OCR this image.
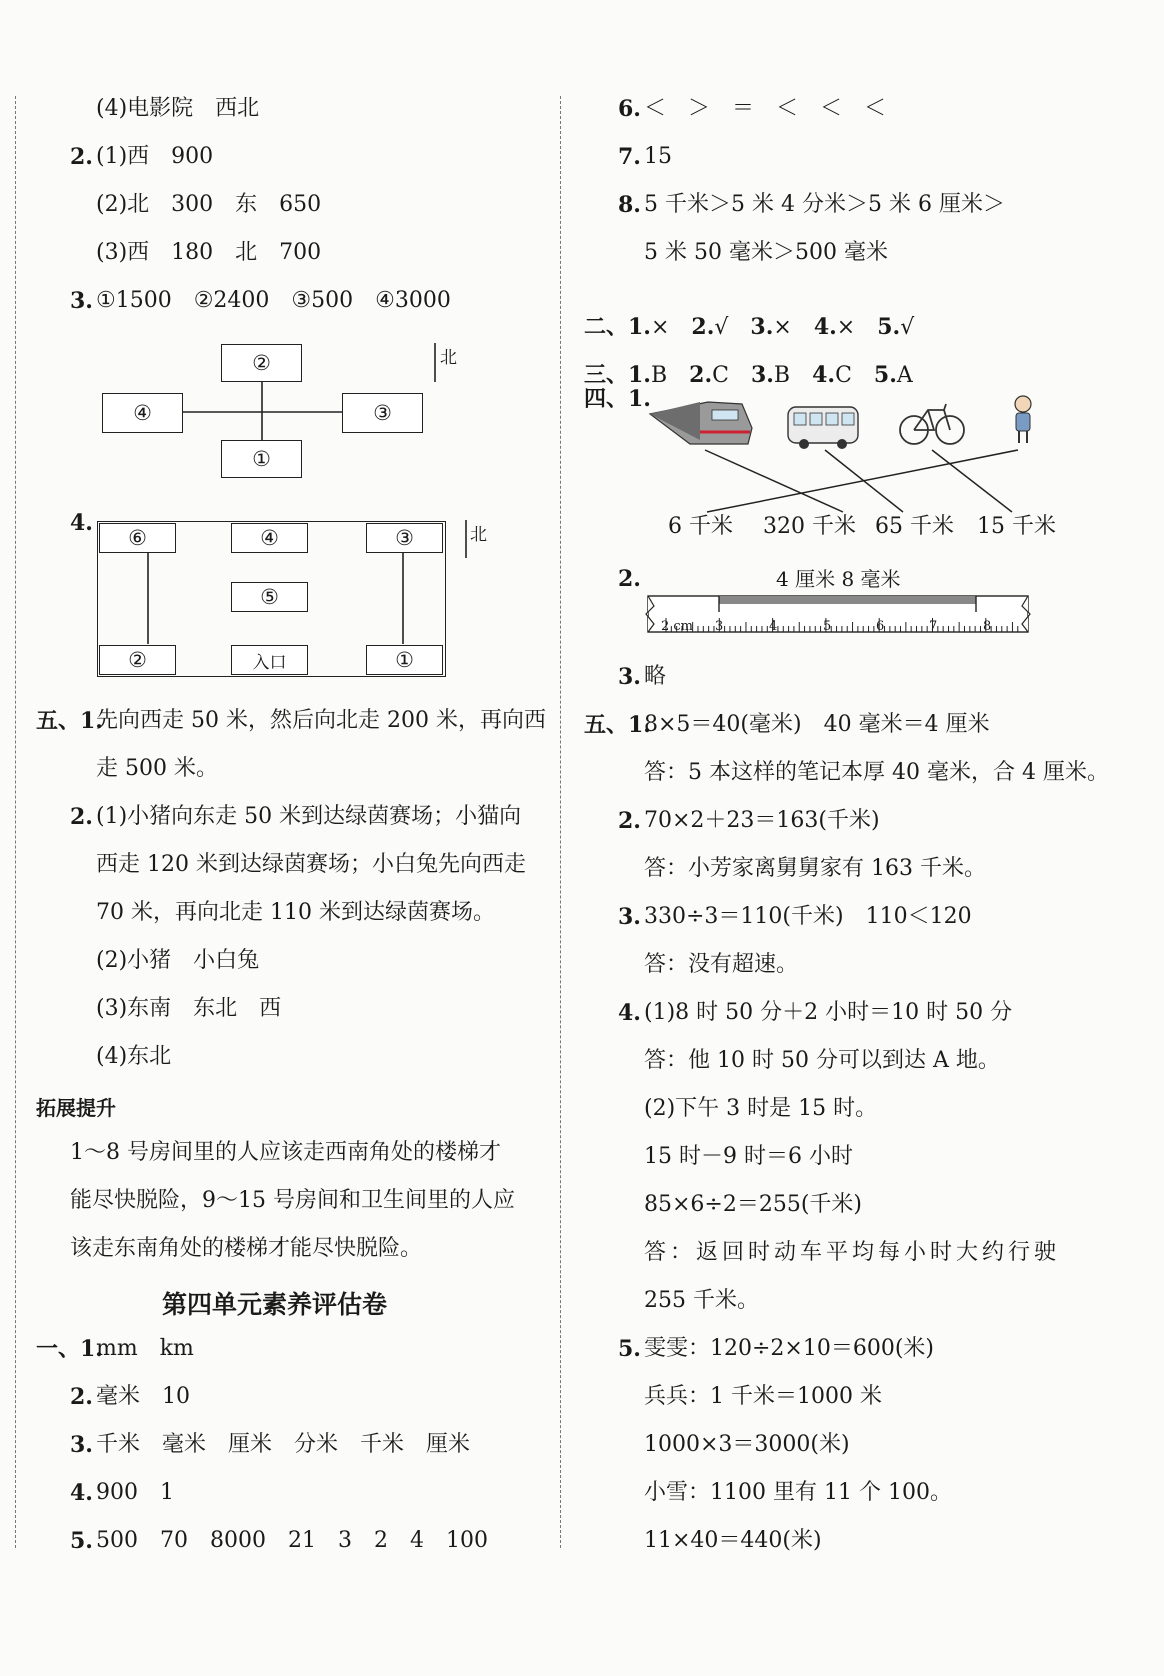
(4)电影院　西北
2. (1)西　900
(2)北　300　东　650
(3)西　180　北　700
3. ①1500　②2400　③500　④3000
②
④	③
①
北
4.
⑥	④	③
⑤
②	入口	①
北
五、1.
先向西走 50 米，然后向北走 200 米，再向西
走 500 米。
2. (1)小猪向东走 50 米到达绿茵赛场；小猫向
西走 120 米到达绿茵赛场；小白兔先向西走
70 米，再向北走 110 米到达绿茵赛场。
(2)小猪　小白兔
(3)东南　东北　西
(4)东北
拓展提升
1～8 号房间里的人应该走西南角处的楼梯才
能尽快脱险，9～15 号房间和卫生间里的人应
该走东南角处的楼梯才能尽快脱险。
第四单元素养评估卷
一、1.
mm　km
2. 毫米　10
3. 千米　毫米　厘米　分米　千米　厘米
4. 900　1
5. 500　70　8000　21　3　2　4　100
6. ＜　＞　＝　＜　＜　＜
7. 15
8. 5 千米＞5 米 4 分米＞5 米 6 厘米＞
5 米 50 毫米＞500 毫米

二、1.×　2.√　3.×　4.×　5.√

三、1.B　2.C　3.B　4.C　5.A

四、1.
6 千米 320 千米 65 千米 15 千米
2.	4 厘米 8 毫米
2 cm 3	4	5	6	7	8
3. 略
五、1.
8×5＝40(毫米)　40 毫米＝4 厘米
答：5 本这样的笔记本厚 40 毫米，合 4 厘米。
2. 70×2＋23＝163(千米)
答：小芳家离舅舅家有 163 千米。
3. 330÷3＝110(千米)　110＜120
答：没有超速。
4. (1)8 时 50 分＋2 小时＝10 时 50 分
答：他 10 时 50 分可以到达 A 地。
(2)下午 3 时是 15 时。
15 时－9 时＝6 小时
85×6÷2＝255(千米)
答：返回时动车平均每小时大约行驶
255 千米。
5. 雯雯：120÷2×10＝600(米)
兵兵：1 千米＝1000 米
1000×3＝3000(米)
小雪：1100 里有 11 个 100。
11×40＝440(米)
